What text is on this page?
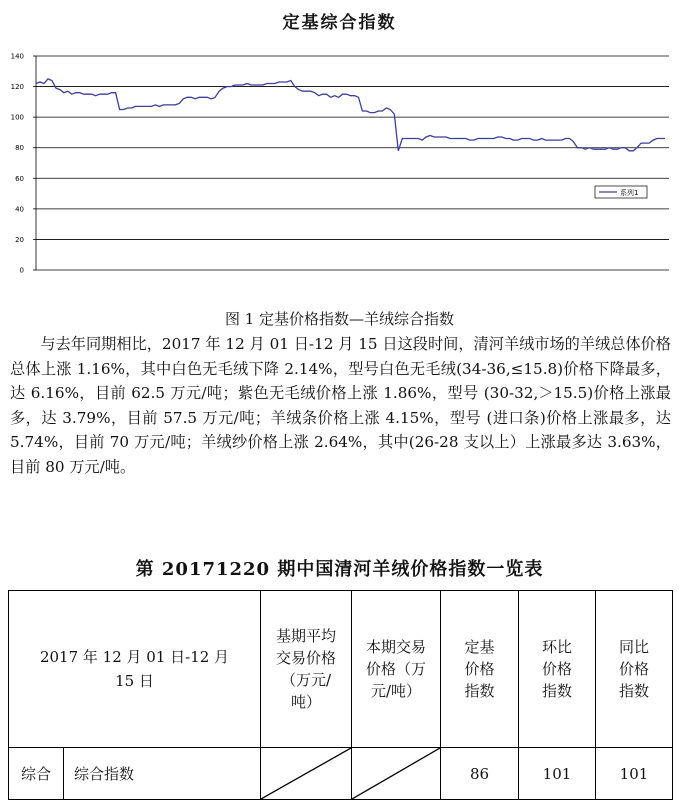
定基综合指数
0
20
40
60
80
100
120
140
系列1
图 1 定基价格指数—羊绒综合指数

与去年同期相比，2017 年 12 月 01 日-12 月 15 日这段时间，清河羊绒市场的羊绒总体价格总体上涨 1.16%，其中白色无毛绒下降 2.14%，型号白色无毛绒(34-36,≤15.8)价格下降最多，达 6.16%，目前 62.5 万元/吨；紫色无毛绒价格上涨 1.86%，型号 (30-32,＞15.5)价格上涨最多，达 3.79%，目前 57.5 万元/吨；羊绒条价格上涨 4.15%，型号 (进口条)价格上涨最多，达 5.74%，目前 70 万元/吨；羊绒纱价格上涨 2.64%，其中(26-28 支以上）上涨最多达 3.63%，目前 80 万元/吨。

第 20171220 期中国清河羊绒价格指数一览表
2017 年 12 月 01 日-12 月 15 日		基期平均交易价格（万元/吨）	本期交易价格（万元/吨）	定基价格指数	环比价格指数	同比价格指数

综合	综合指数			86	101	101
